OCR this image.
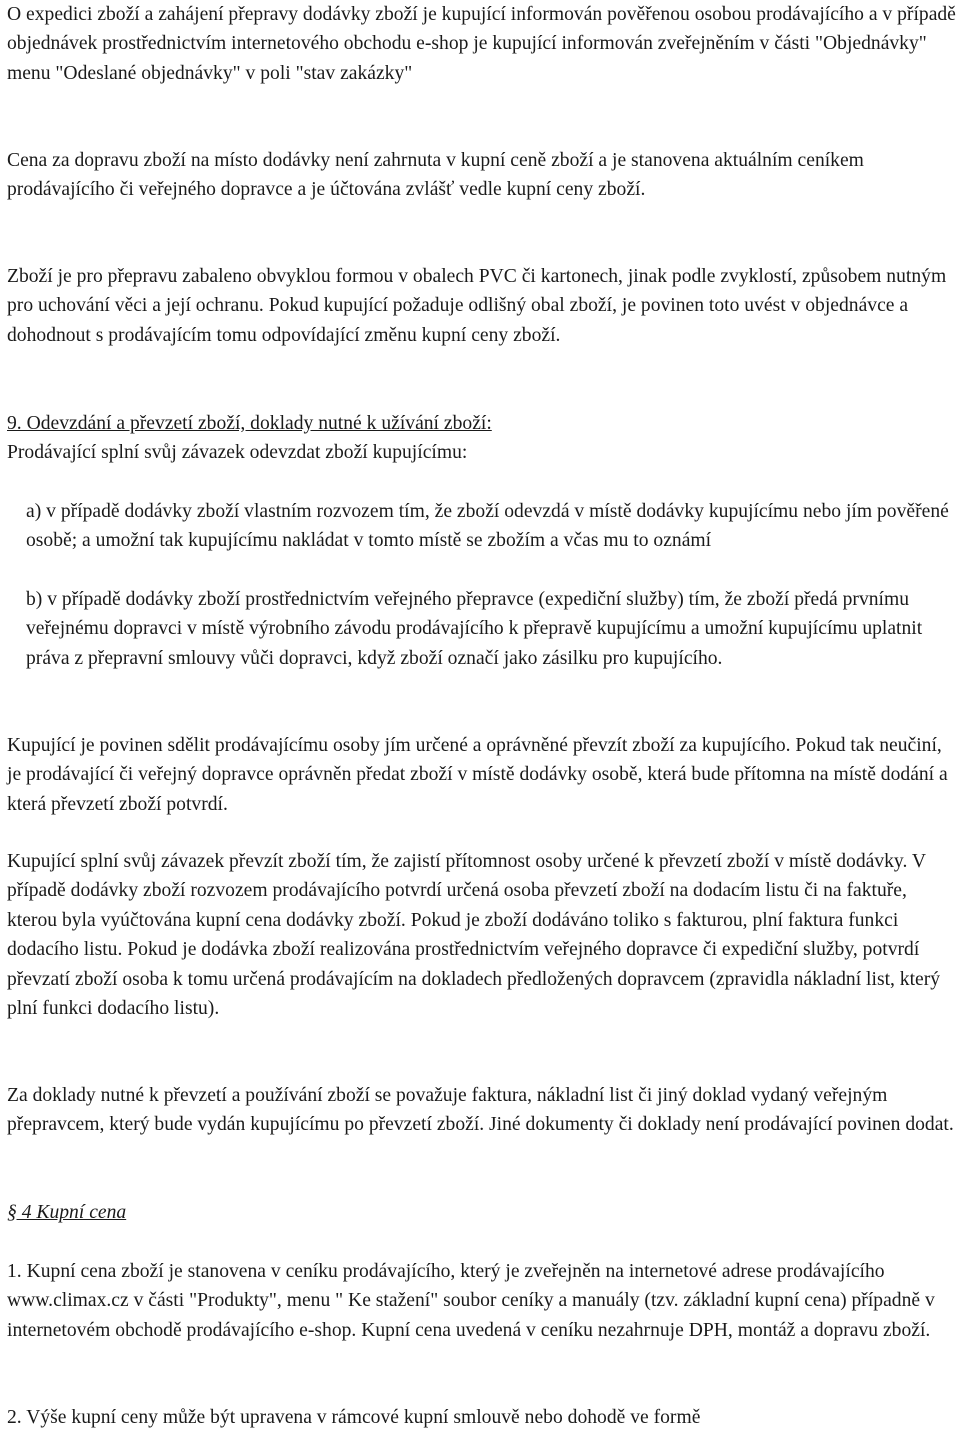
O expedici zboží a zahájení přepravy dodávky zboží je kupující informován pověřenou osobou prodávajícího a v případě objednávek prostřednictvím internetového obchodu e-shop je kupující informován zveřejněním v části "Objednávky" menu "Odeslané objednávky" v poli "stav zakázky"

Cena za dopravu zboží na místo dodávky není zahrnuta v kupní ceně zboží a je stanovena aktuálním ceníkem prodávajícího či veřejného dopravce a je účtována zvlášť vedle kupní ceny zboží.

Zboží je pro přepravu zabaleno obvyklou formou v obalech PVC či kartonech, jinak podle zvyklostí, způsobem nutným pro uchování věci a její ochranu. Pokud kupující požaduje odlišný obal zboží, je povinen toto uvést v objednávce a dohodnout s prodávajícím tomu odpovídající změnu kupní ceny zboží.

9. Odevzdání a převzetí zboží, doklady nutné k užívání zboží:

Prodávající splní svůj závazek odevzdat zboží kupujícímu:

a) v případě dodávky zboží vlastním rozvozem tím, že zboží odevzdá v místě dodávky kupujícímu nebo jím pověřené osobě; a umožní tak kupujícímu nakládat v tomto místě se zbožím a včas mu to oznámí

b) v případě dodávky zboží prostřednictvím veřejného přepravce (expediční služby) tím, že zboží předá prvnímu veřejnému dopravci v místě výrobního závodu prodávajícího k přepravě kupujícímu a umožní kupujícímu uplatnit práva z přepravní smlouvy vůči dopravci, když zboží označí jako zásilku pro kupujícího.

Kupující je povinen sdělit prodávajícímu osoby jím určené a oprávněné převzít zboží za kupujícího. Pokud tak neučiní, je prodávající či veřejný dopravce oprávněn předat zboží v místě dodávky osobě, která bude přítomna na místě dodání a která převzetí zboží potvrdí.

Kupující splní svůj závazek převzít zboží tím, že zajistí přítomnost osoby určené k převzetí zboží v místě dodávky. V případě dodávky zboží rozvozem prodávajícího potvrdí určená osoba převzetí zboží na dodacím listu či na faktuře, kterou byla vyúčtována kupní cena dodávky zboží. Pokud je zboží dodáváno toliko s fakturou, plní faktura funkci dodacího listu. Pokud je dodávka zboží realizována prostřednictvím veřejného dopravce či expediční služby, potvrdí převzatí zboží osoba k tomu určená prodávajícím na dokladech předložených dopravcem (zpravidla nákladní list, který plní funkci dodacího listu).

Za doklady nutné k převzetí a používání zboží se považuje faktura, nákladní list či jiný doklad vydaný veřejným přepravcem, který bude vydán kupujícímu po převzetí zboží. Jiné dokumenty či doklady není prodávající povinen dodat.

§ 4 Kupní cena

1. Kupní cena zboží je stanovena v ceníku prodávajícího, který je zveřejněn na internetové adrese prodávajícího www.climax.cz v části "Produkty", menu " Ke stažení" soubor ceníky a manuály (tzv. základní kupní cena) případně v internetovém obchodě prodávajícího e-shop. Kupní cena uvedená v ceníku nezahrnuje DPH, montáž a dopravu zboží.

2. Výše kupní ceny může být upravena v rámcové kupní smlouvě nebo dohodě ve formě
